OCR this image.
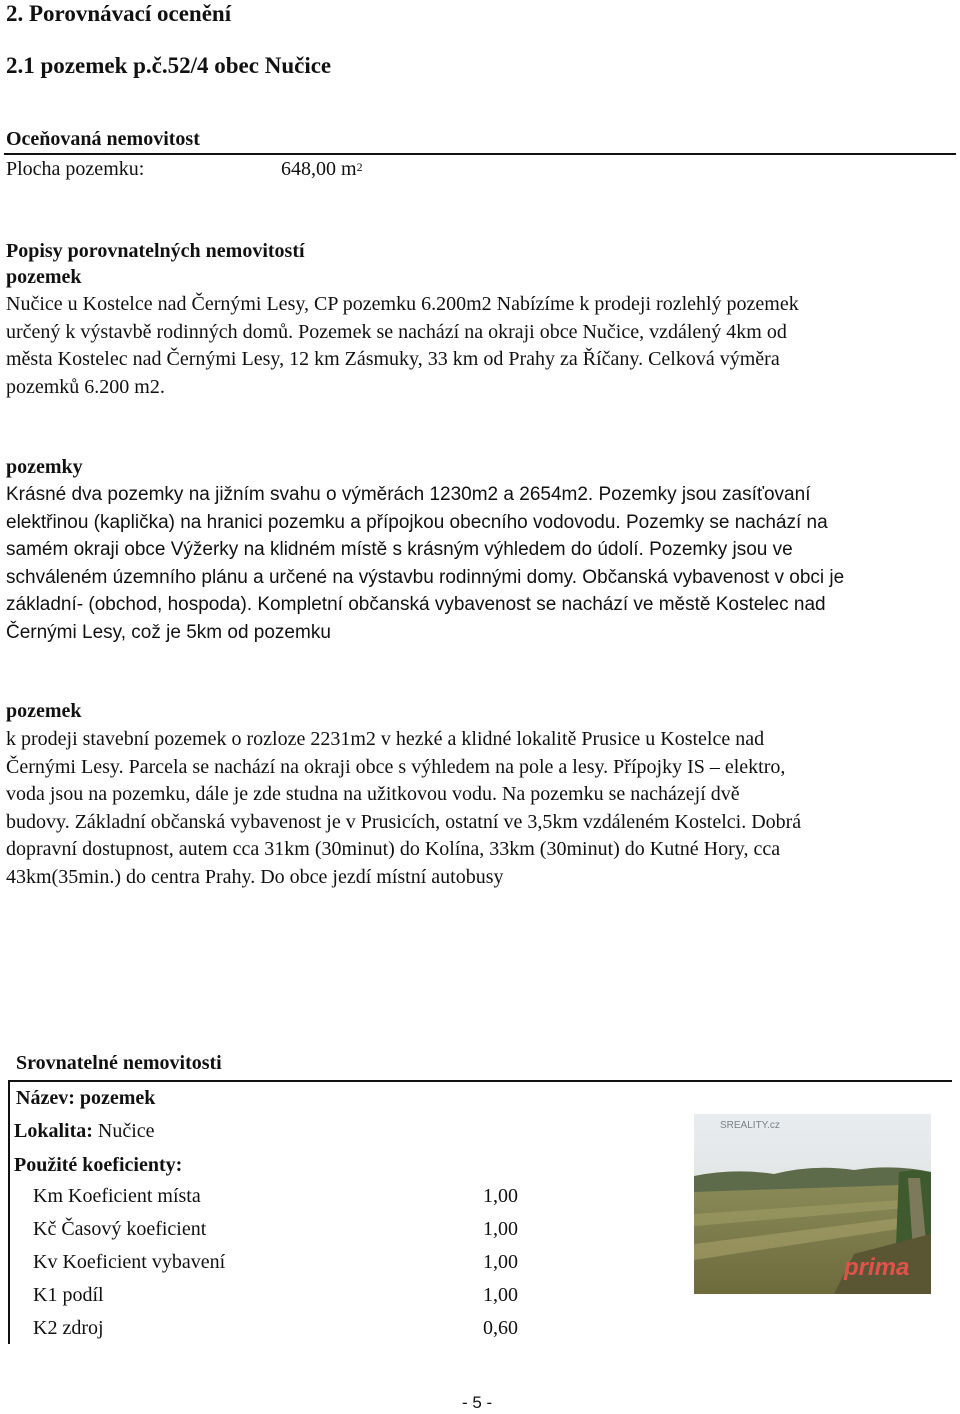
2. Porovnávací ocenění
2.1 pozemek p.č.52/4 obec Nučice
Oceňovaná nemovitost
Plocha pozemku:	648,00 $m^2$
Popisy porovnatelných nemovitostí
pozemek
Nučice u Kostelce nad Černými Lesy, CP pozemku 6.200m2 Nabízíme k prodeji rozlehlý pozemek
určený k výstavbě rodinných domů. Pozemek se nachází na okraji obce Nučice, vzdálený 4km od
města Kostelec nad Černými Lesy, 12 km Zásmuky, 33 km od Prahy za Říčany. Celková výměra
pozemků 6.200 m2.
pozemky
Krásné dva pozemky na jižním svahu o výměrách 1230m2 a 2654m2. Pozemky jsou zasíťovaní
elektřinou (kaplička) na hranici pozemku a přípojkou obecního vodovodu. Pozemky se nachází na
samém okraji obce Výžerky na klidném místě s krásným výhledem do údolí. Pozemky jsou ve
schváleném územního plánu a určené na výstavbu rodinnými domy. Občanská vybavenost v obci je
základní- (obchod, hospoda). Kompletní občanská vybavenost se nachází ve městě Kostelec nad
Černými Lesy, což je 5km od pozemku
pozemek
k prodeji stavební pozemek o rozloze 2231m2 v hezké a klidné lokalitě Prusice u Kostelce nad
Černými Lesy. Parcela se nachází na okraji obce s výhledem na pole a lesy. Přípojky IS – elektro,
voda jsou na pozemku, dále je zde studna na užitkovou vodu. Na pozemku se nacházejí dvě
budovy. Základní občanská vybavenost je v Prusicích, ostatní ve 3,5km vzdáleném Kostelci. Dobrá
dopravní dostupnost, autem cca 31km (30minut) do Kolína, 33km (30minut) do Kutné Hory, cca
43km(35min.) do centra Prahy. Do obce jezdí místní autobusy
Srovnatelné nemovitosti
Název: pozemek
Lokalita: Nučice
Použité koeficienty:
Km Koeficient místa	1,00
Kč Časový koeficient	1,00
Kv Koeficient vybavení	1,00
K1 podíl	1,00
K2 zdroj	0,60
SREALITY.cz
prima
- 5 -
